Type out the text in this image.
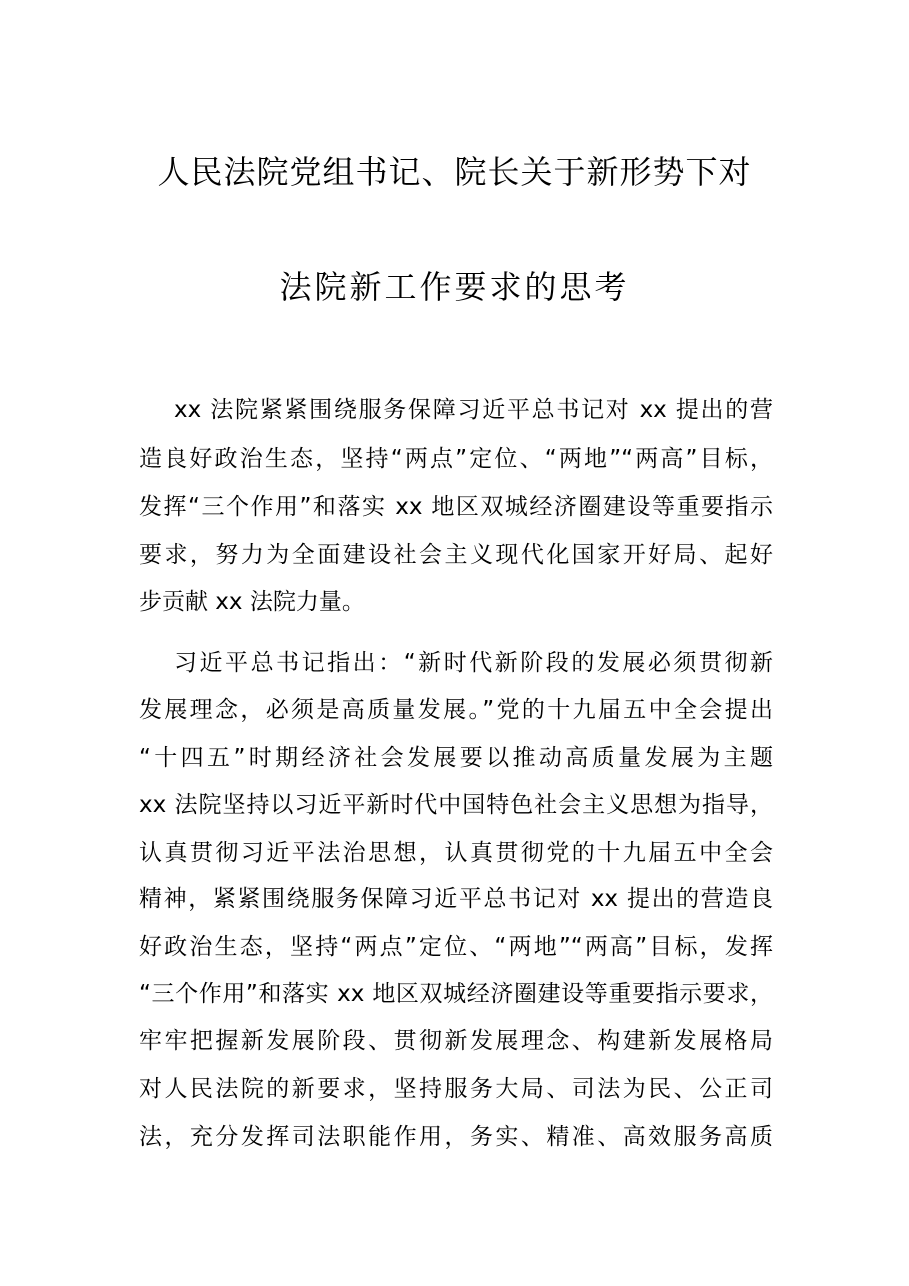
人民法院党组书记、院长关于新形势下对
法院新工作要求的思考
xx 法院紧紧围绕服务保障习近平总书记对 xx 提出的营
造良好政治生态，坚持“两点”定位、“两地”“两高”目标，
发挥“三个作用”和落实 xx 地区双城经济圈建设等重要指示
要求，努力为全面建设社会主义现代化国家开好局、起好
步贡献 xx 法院力量。
习近平总书记指出：“新时代新阶段的发展必须贯彻新
发展理念，必须是高质量发展。”党的十九届五中全会提出
“十四五”时期经济社会发展要以推动高质量发展为主题
xx 法院坚持以习近平新时代中国特色社会主义思想为指导，
认真贯彻习近平法治思想，认真贯彻党的十九届五中全会
精神，紧紧围绕服务保障习近平总书记对 xx 提出的营造良
好政治生态，坚持“两点”定位、“两地”“两高”目标，发挥
“三个作用”和落实 xx 地区双城经济圈建设等重要指示要求，
牢牢把握新发展阶段、贯彻新发展理念、构建新发展格局
对人民法院的新要求，坚持服务大局、司法为民、公正司
法，充分发挥司法职能作用，务实、精准、高效服务高质
